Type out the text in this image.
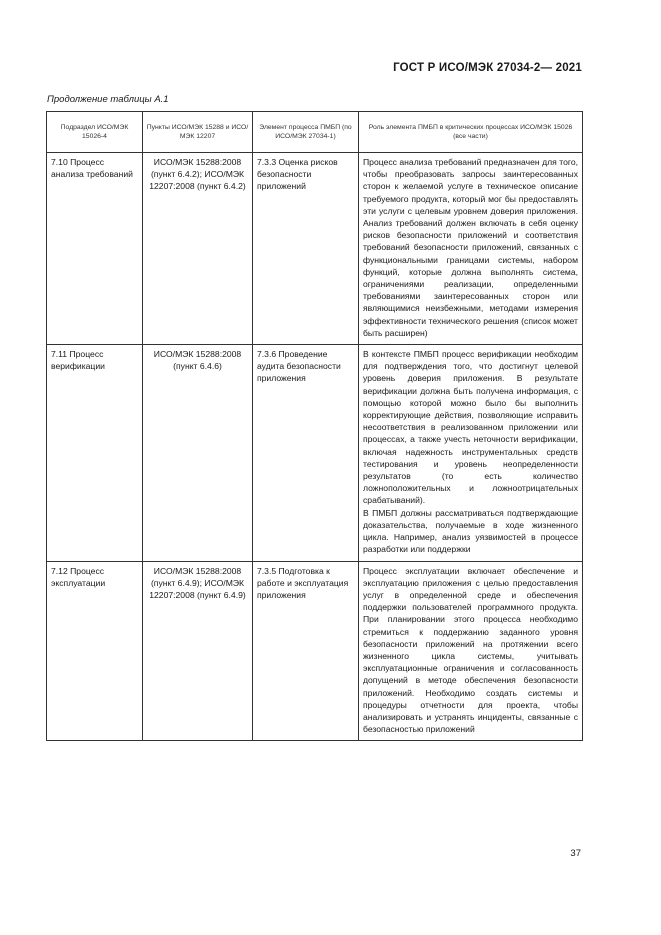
ГОСТ Р ИСО/МЭК 27034-2— 2021
Продолжение таблицы А.1
Подраздел ИСО/МЭК 15026-4	Пункты ИСО/МЭК 15288 и ИСО/МЭК 12207	Элемент процесса ПМБП (по ИСО/МЭК 27034-1)	Роль элемента ПМБП в критических процессах ИСО/МЭК 15026 (все части)
7.10 Процесс анализа требований	ИСО/МЭК 15288:2008 (пункт 6.4.2); ИСО/МЭК 12207:2008 (пункт 6.4.2)	7.3.3 Оценка рисков безопасности приложений	Процесс анализа требований предназначен для того, чтобы преобразовать запросы заинтересованных сторон к желаемой услуге в техническое описание требуемого продукта, который мог бы предоставлять эти услуги с целевым уровнем доверия приложения. Анализ требований должен включать в себя оценку рисков безопасности приложений и соответствия требований безопасности приложений, связанных с функциональными границами системы, набором функций, которые должна выполнять система, ограничениями реализации, определенными требованиями заинтересованных сторон или являющимися неизбежными, методами измерения эффективности технического решения (список может быть расширен)

7.11 Процесс верификации	ИСО/МЭК 15288:2008 (пункт 6.4.6)	7.3.6 Проведение аудита безопасности приложения	В контексте ПМБП процесс верификации необходим для подтверждения того, что достигнут целевой уровень доверия приложения. В результате верификации должна быть получена информация, с помощью которой можно было бы выполнить корректирующие действия, позволяющие исправить несоответствия в реализованном приложении или процессах, а также учесть неточности верификации, включая надежность инструментальных средств тестирования и уровень неопределенности результатов (то есть количество ложноположительных и ложноотрицательных срабатываний).

В ПМБП должны рассматриваться подтверждающие доказательства, получаемые в ходе жизненного цикла. Например, анализ уязвимостей в процессе разработки или поддержки

7.12 Процесс эксплуатации	ИСО/МЭК 15288:2008 (пункт 6.4.9); ИСО/МЭК 12207:2008 (пункт 6.4.9)	7.3.5 Подготовка к работе и эксплуатация приложения	Процесс эксплуатации включает обеспечение и эксплуатацию приложения с целью предоставления услуг в определенной среде и обеспечения поддержки пользователей программного продукта. При планировании этого процесса необходимо стремиться к поддержанию заданного уровня безопасности приложений на протяжении всего жизненного цикла системы, учитывать эксплуатационные ограничения и согласованность допущений в методе обеспечения безопасности приложений. Необходимо создать системы и процедуры отчетности для проекта, чтобы анализировать и устранять инциденты, связанные с безопасностью приложений

37
